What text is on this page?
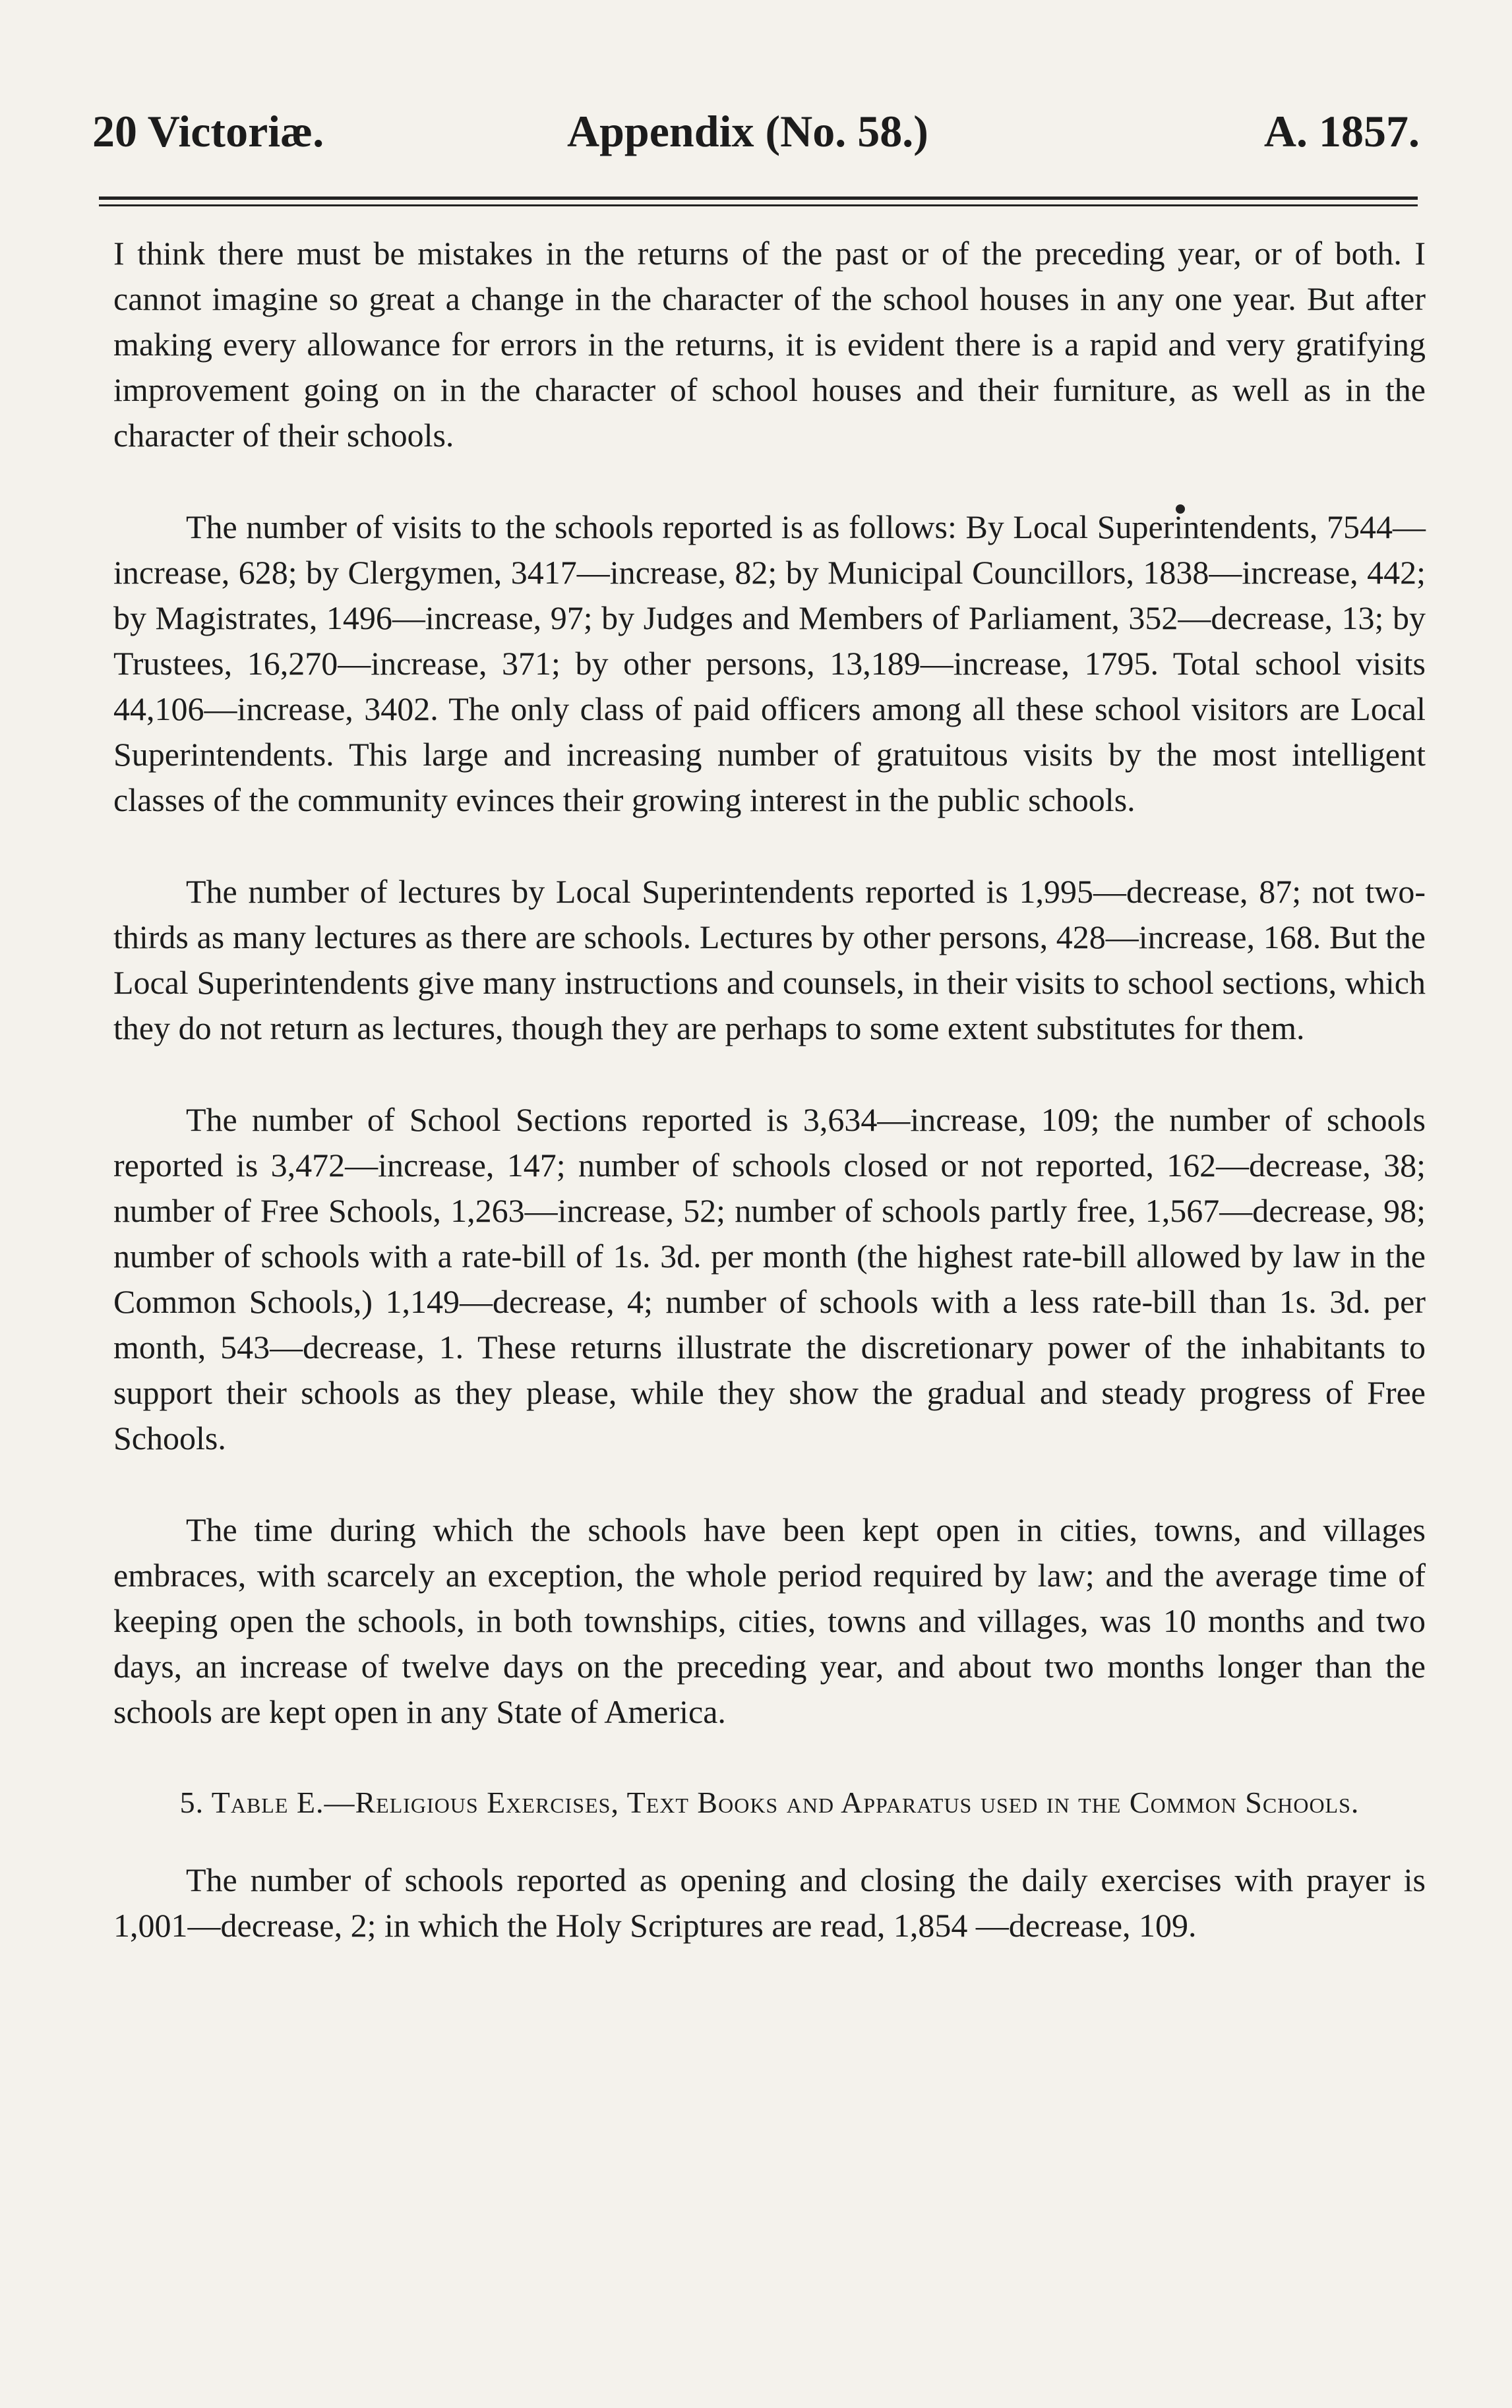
20 Victoriæ.	Appendix (No. 58.)	A. 1857.

I think there must be mistakes in the returns of the past or of the preceding year, or of both. I cannot imagine so great a change in the character of the school houses in any one year. But after making every allowance for errors in the returns, it is evident there is a rapid and very gratifying improvement going on in the character of school houses and their furniture, as well as in the character of their schools.

The number of visits to the schools reported is as follows: By Local Superintendents, 7544—increase, 628; by Clergymen, 3417—increase, 82; by Municipal Councillors, 1838—increase, 442; by Magistrates, 1496—increase, 97; by Judges and Members of Parliament, 352—decrease, 13; by Trustees, 16,270—increase, 371; by other persons, 13,189—increase, 1795. Total school visits 44,106—increase, 3402. The only class of paid officers among all these school visitors are Local Superintendents. This large and increasing number of gratuitous visits by the most intelligent classes of the community evinces their growing interest in the public schools.

The number of lectures by Local Superintendents reported is 1,995—decrease, 87; not two-thirds as many lectures as there are schools. Lectures by other persons, 428—increase, 168. But the Local Superintendents give many instructions and counsels, in their visits to school sections, which they do not return as lectures, though they are perhaps to some extent substitutes for them.

The number of School Sections reported is 3,634—increase, 109; the number of schools reported is 3,472—increase, 147; number of schools closed or not reported, 162—decrease, 38; number of Free Schools, 1,263—increase, 52; number of schools partly free, 1,567—decrease, 98; number of schools with a rate-bill of 1s. 3d. per month (the highest rate-bill allowed by law in the Common Schools,) 1,149—decrease, 4; number of schools with a less rate-bill than 1s. 3d. per month, 543—decrease, 1. These returns illustrate the discretionary power of the inhabitants to support their schools as they please, while they show the gradual and steady progress of Free Schools.

The time during which the schools have been kept open in cities, towns, and villages embraces, with scarcely an exception, the whole period required by law; and the average time of keeping open the schools, in both townships, cities, towns and villages, was 10 months and two days, an increase of twelve days on the preceding year, and about two months longer than the schools are kept open in any State of America.

5. Table E.—Religious Exercises, Text Books and Apparatus used in the Common Schools.

The number of schools reported as opening and closing the daily exercises with prayer is 1,001—decrease, 2; in which the Holy Scriptures are read, 1,854 —decrease, 109.
